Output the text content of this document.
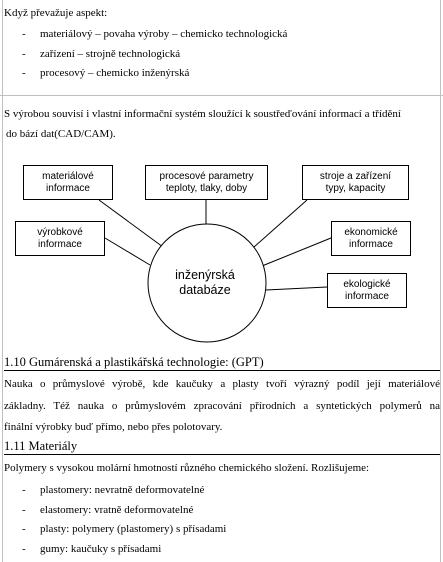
Když převažuje aspekt:
- materiálový – povaha výroby – chemicko technologická
- zařízení – strojně technologická
- procesový – chemicko inženýrská
S výrobou souvisí i vlastní informační systém sloužící k soustřeďování informací a třídění
do bází dat(CAD/CAM).
inženýrská
databáze
materiálové
informace
procesové parametry
teploty, tlaky, doby
stroje a zařízení
typy, kapacity
výrobkové
informace
ekonomické
informace
ekologické
informace
1.10 Gumárenská a plastikářská technologie: (GPT)
Nauka o průmyslové výrobě, kde kaučuky a plasty tvoří výrazný podíl její materiálové
základny. Též nauka o průmyslovém zpracování přírodních a syntetických polymerů na
finální výrobky buď přímo, nebo přes polotovary.
1.11 Materiály
Polymery s vysokou molární hmotností různého chemického složení. Rozlišujeme:
- plastomery: nevratně deformovatelné
- elastomery: vratně deformovatelné
- plasty: polymery (plastomery) s přísadami
- gumy: kaučuky s přísadami
